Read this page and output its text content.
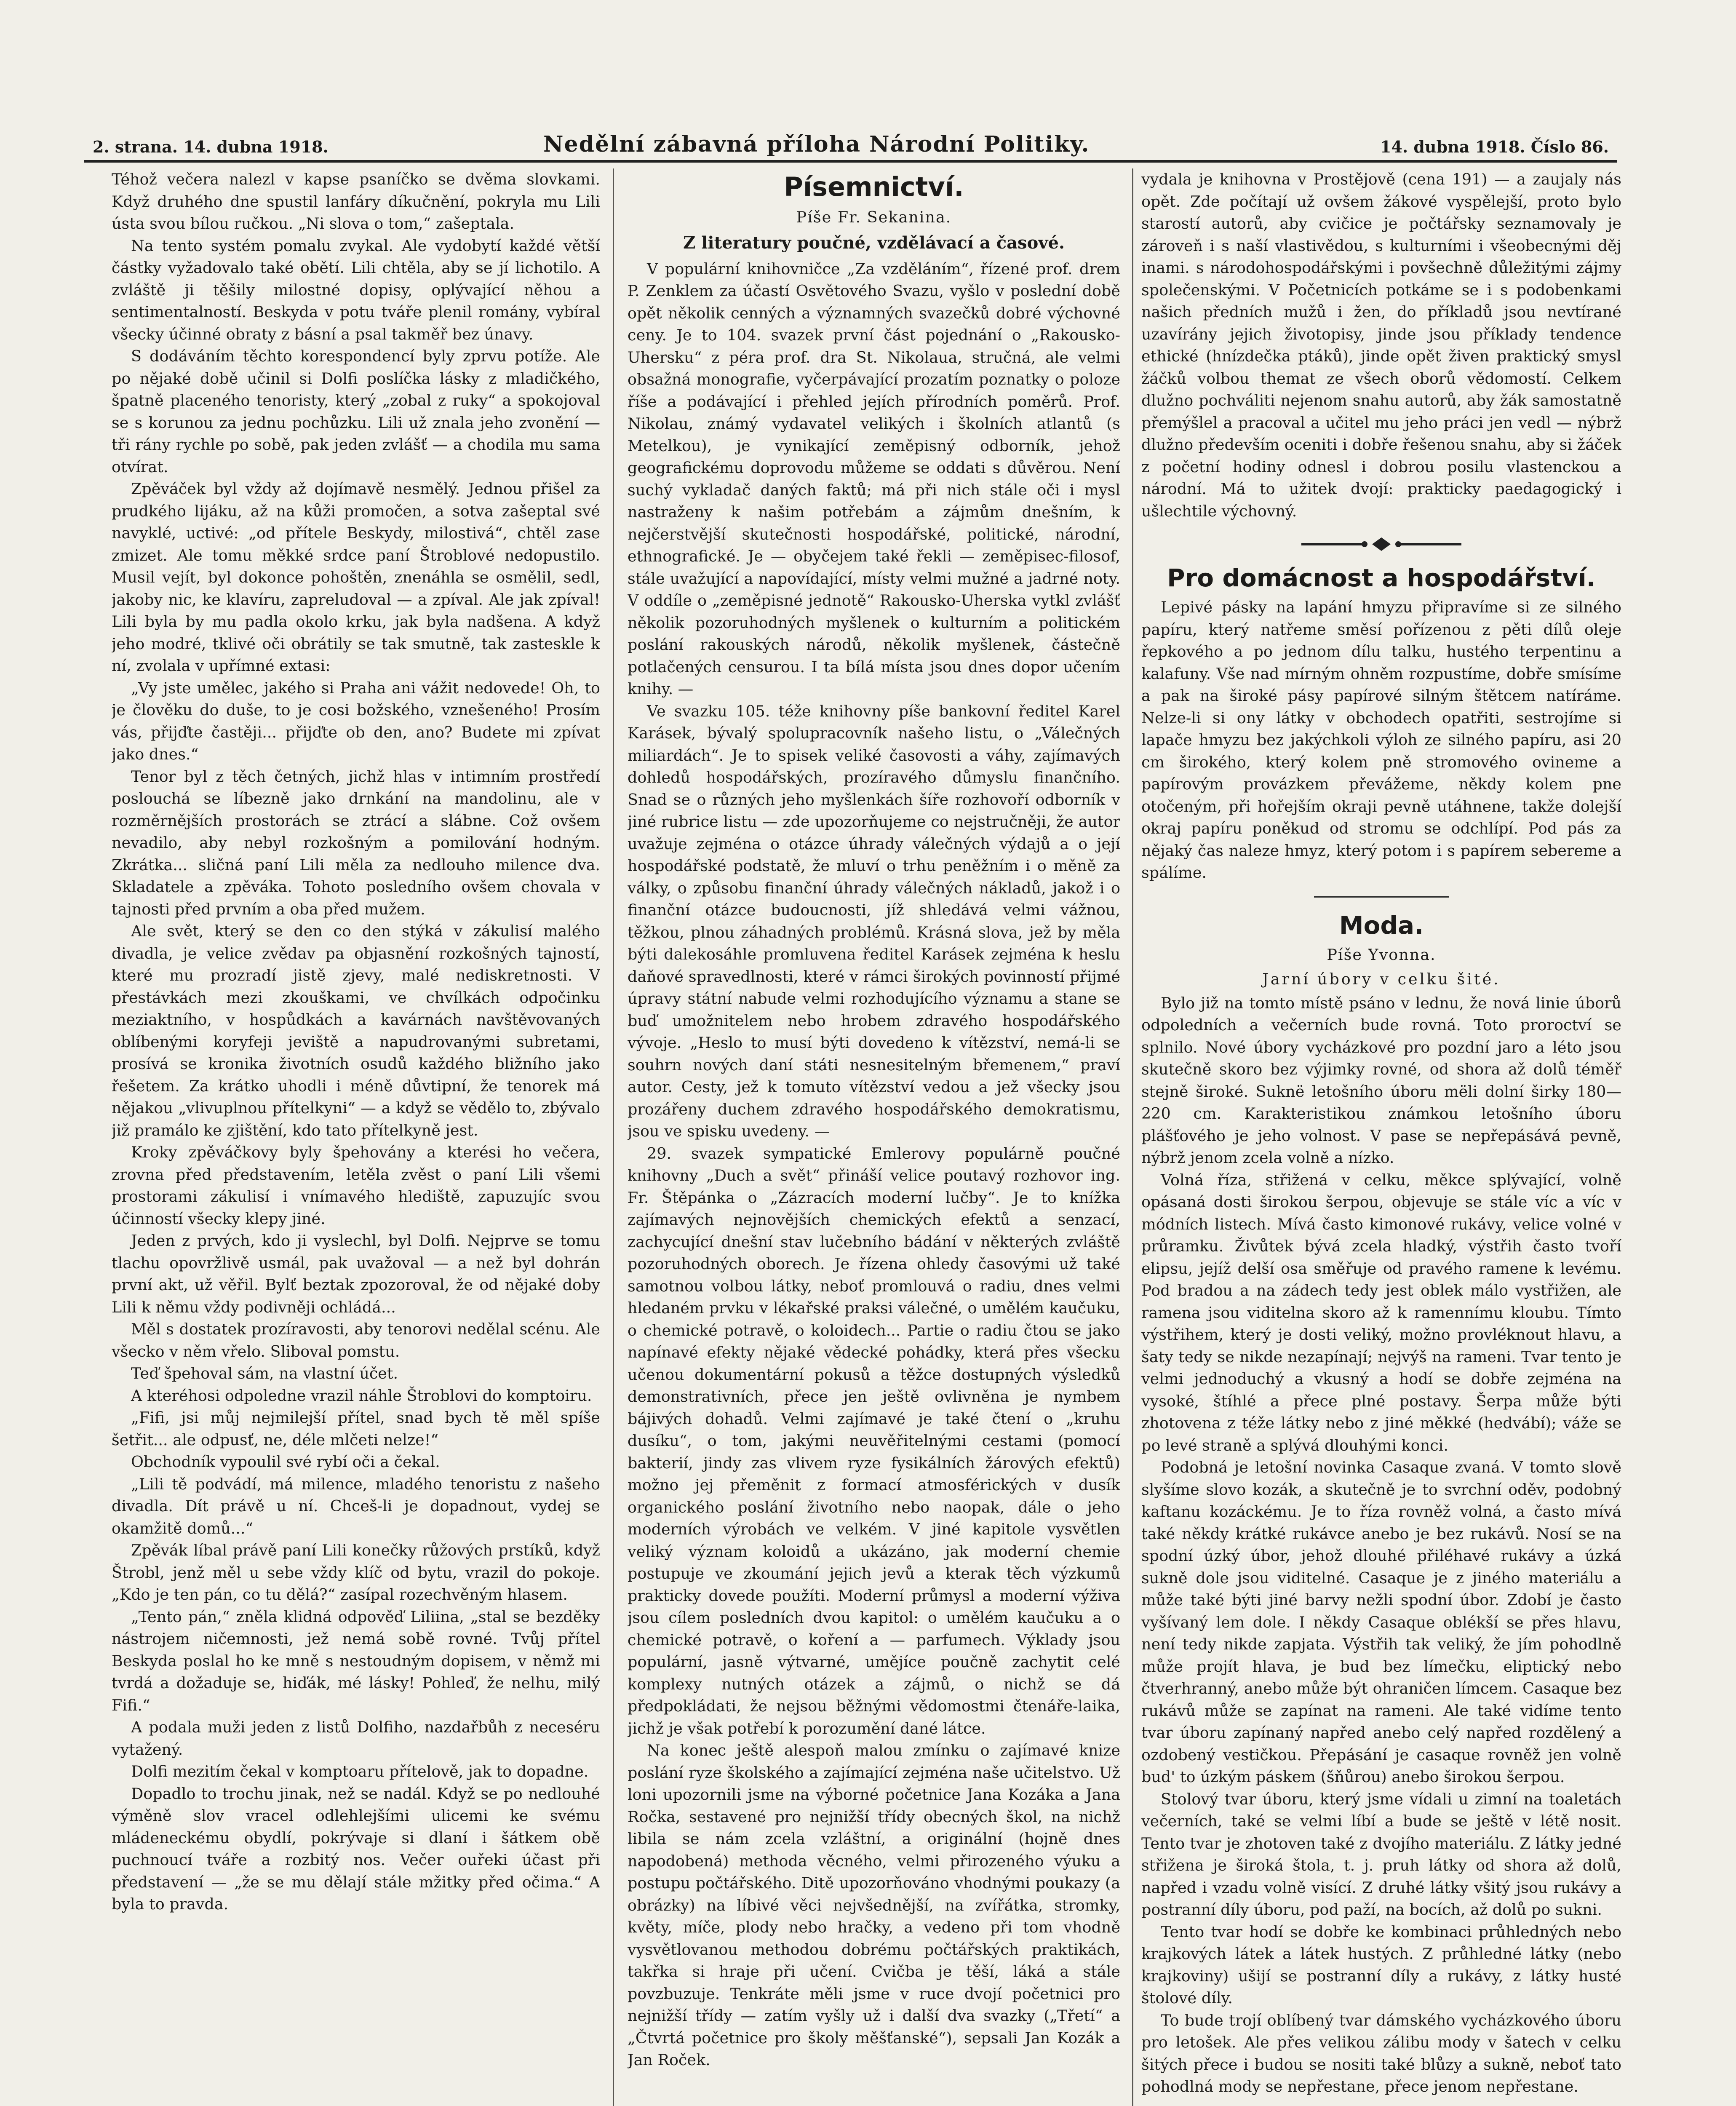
2. strana. 14. dubna 1918.	Nedělní zábavná příloha Národní Politiky.	14. dubna 1918. Číslo 86.

Téhož večera nalezl v kapse psaníčko se dvěma slovkami. Když druhého dne spustil lanfáry díkučnění, pokryla mu Lili ústa svou bílou ručkou. „Ni slova o tom,“ zašeptala.

Na tento systém pomalu zvykal. Ale vydobytí každé větší částky vyžadovalo také obětí. Lili chtěla, aby se jí lichotilo. A zvláště ji těšily milostné dopisy, oplývající něhou a sentimentalností. Beskyda v potu tváře plenil romány, vybíral všecky účinné obraty z básní a psal takměř bez únavy.

S dodáváním těchto korespondencí byly zprvu potíže. Ale po nějaké době učinil si Dolfi poslíčka lásky z mladičkého, špatně placeného tenoristy, který „zobal z ruky“ a spokojoval se s korunou za jednu pochůzku. Lili už znala jeho zvonění — tři rány rychle po sobě, pak jeden zvlášť — a chodila mu sama otvírat.

Zpěváček byl vždy až dojímavě nesmělý. Jednou přišel za prudkého lijáku, až na kůži promočen, a sotva zašeptal své navyklé, uctivé: „od přítele Beskydy, milostivá“, chtěl zase zmizet. Ale tomu měkké srdce paní Štroblové nedopustilo. Musil vejít, byl dokonce pohoštěn, znenáhla se osmělil, sedl, jakoby nic, ke klavíru, zapreludoval — a zpíval. Ale jak zpíval! Lili byla by mu padla okolo krku, jak byla nadšena. A když jeho modré, tklivé oči obrátily se tak smutně, tak zasteskle k ní, zvolala v upřímné extasi:

„Vy jste umělec, jakého si Praha ani vážit nedovede! Oh, to je člověku do duše, to je cosi božského, vznešeného! Prosím vás, přijďte častěji... přijďte ob den, ano? Budete mi zpívat jako dnes.“

Tenor byl z těch četných, jichž hlas v intimním prostředí poslouchá se líbezně jako drnkání na mandolinu, ale v rozměrnějších prostorách se ztrácí a slábne. Což ovšem nevadilo, aby nebyl rozkošným a pomilování hodným. Zkrátka... sličná paní Lili měla za nedlouho milence dva. Skladatele a zpěváka. Tohoto posledního ovšem chovala v tajnosti před prvním a oba před mužem.

Ale svět, který se den co den stýká v zákulisí malého divadla, je velice zvědav pa objasnění rozkošných tajností, které mu prozradí jistě zjevy, malé nediskretnosti. V přestávkách mezi zkouškami, ve chvílkách odpočinku meziaktního, v hospůdkách a kavárnách navštěvovaných oblíbenými koryfeji jeviště a napudrovanými subretami, prosívá se kronika životních osudů každého bližního jako řešetem. Za krátko uhodli i méně důvtipní, že tenorek má nějakou „vlivuplnou přítelkyni“ — a když se vědělo to, zbývalo již pramálo ke zjištění, kdo tato přítelkyně jest.

Kroky zpěváčkovy byly špehovány a kterési ho večera, zrovna před představením, letěla zvěst o paní Lili všemi prostorami zákulisí i vnímavého hlediště, zapuzujíc svou účinností všecky klepy jiné.

Jeden z prvých, kdo ji vyslechl, byl Dolfi. Nejprve se tomu tlachu opovržlivě usmál, pak uvažoval — a než byl dohrán první akt, už věřil. Bylť beztak zpozoroval, že od nějaké doby Lili k němu vždy podivněji ochládá...

Měl s dostatek prozíravosti, aby tenorovi nedělal scénu. Ale všecko v něm vřelo. Sliboval pomstu.

Teď špehoval sám, na vlastní účet.

A kteréhosi odpoledne vrazil náhle Štroblovi do komptoiru.

„Fifi, jsi můj nejmilejší přítel, snad bych tě měl spíše šetřit... ale odpusť, ne, déle mlčeti nelze!“

Obchodník vypoulil své rybí oči a čekal.

„Lili tě podvádí, má milence, mladého tenoristu z našeho divadla. Dít právě u ní. Chceš-li je dopadnout, vydej se okamžitě domů...“

Zpěvák líbal právě paní Lili konečky růžových prstíků, když Štrobl, jenž měl u sebe vždy klíč od bytu, vrazil do pokoje. „Kdo je ten pán, co tu dělá?“ zasípal rozechvěným hlasem.

„Tento pán,“ zněla klidná odpověď Liliina, „stal se bezděky nástrojem ničemnosti, jež nemá sobě rovné. Tvůj přítel Beskyda poslal ho ke mně s nestoudným dopisem, v němž mi tvrdá a dožaduje se, hiďák, mé lásky! Pohleď, že nelhu, milý Fifi.“

A podala muži jeden z listů Dolfiho, nazdařbůh z neceséru vytažený.

Dolfi mezitím čekal v komptoaru přítelově, jak to dopadne.

Dopadlo to trochu jinak, než se nadál. Když se po nedlouhé výměně slov vracel odlehlejšími ulicemi ke svému mládeneckému obydlí, pokrývaje si dlaní i šátkem obě puchnoucí tváře a rozbitý nos. Večer ouřeki účast při představení — „že se mu dělají stále mžitky před očima.“ A byla to pravda.

Písemnictví.
Píše Fr. Sekanina.
Z literatury poučné, vzdělávací a časové.

V populární knihovničce „Za vzděláním“, řízené prof. drem P. Zenklem za účastí Osvětového Svazu, vyšlo v poslední době opět několik cenných a významných svazečků dobré výchovné ceny. Je to 104. svazek první část pojednání o „Rakousko-Uhersku“ z péra prof. dra St. Nikolaua, stručná, ale velmi obsažná monografie, vyčerpávající prozatím poznatky o poloze říše a podávající i přehled jejích přírodních poměrů. Prof. Nikolau, známý vydavatel velikých i školních atlantů (s Metelkou), je vynikající zeměpisný odborník, jehož geografickému doprovodu můžeme se oddati s důvěrou. Není suchý vykladač daných faktů; má při nich stále oči i mysl nastraženy k našim potřebám a zájmům dnešním, k nejčerstvější skutečnosti hospodářské, politické, národní, ethnografické. Je — obyčejem také řekli — zeměpisec-filosof, stále uvažující a napovídající, místy velmi mužné a jadrné noty. V oddíle o „zeměpisné jednotě“ Rakousko-Uherska vytkl zvlášť několik pozoruhodných myšlenek o kulturním a politickém poslání rakouských národů, několik myšlenek, částečně potlačených censurou. I ta bílá místa jsou dnes dopor učením knihy. —

Ve svazku 105. téže knihovny píše bankovní ředitel Karel Karásek, bývalý spolupracovník našeho listu, o „Válečných miliardách“. Je to spisek veliké časovosti a váhy, zajímavých dohledů hospodářských, prozíravého důmyslu finančního. Snad se o různých jeho myšlenkách šíře rozhovoří odborník v jiné rubrice listu — zde upozorňujeme co nejstručněji, že autor uvažuje zejména o otázce úhrady válečných výdajů a o její hospodářské podstatě, že mluví o trhu peněžním i o měně za války, o způsobu finanční úhrady válečných nákladů, jakož i o finanční otázce budoucnosti, jíž shledává velmi vážnou, těžkou, plnou záhadných problémů. Krásná slova, jež by měla býti dalekosáhle promluvena ředitel Karásek zejména k heslu daňové spravedlnosti, které v rámci širokých povinností přijmé úpravy státní nabude velmi rozhodujícího významu a stane se buď umožnitelem nebo hrobem zdravého hospodářského vývoje. „Heslo to musí býti dovedeno k vítězství, nemá-li se souhrn nových daní státi nesnesitelným břemenem,“ praví autor. Cesty, jež k tomuto vítězství vedou a jež všecky jsou prozářeny duchem zdravého hospodářského demokratismu, jsou ve spisku uvedeny. —

29. svazek sympatické Emlerovy populárně poučné knihovny „Duch a svět“ přináší velice poutavý rozhovor ing. Fr. Štěpánka o „Zázracích moderní lučby“. Je to knížka zajímavých nejnovějších chemických efektů a senzací, zachycující dnešní stav lučebního bádání v některých zvláště pozoruhodných oborech. Je řízena ohledy časovými už také samotnou volbou látky, neboť promlouvá o radiu, dnes velmi hledaném prvku v lékařské praksi válečné, o umělém kaučuku, o chemické potravě, o koloidech... Partie o radiu čtou se jako napínavé efekty nějaké vědecké pohádky, která přes všecku učenou dokumentární pokusů a těžce dostupných výsledků demonstrativních, přece jen ještě ovlivněna je nymbem bájivých dohadů. Velmi zajímavé je také čtení o „kruhu dusíku“, o tom, jakými neuvěřitelnými cestami (pomocí bakterií, jindy zas vlivem ryze fysikálních žárových efektů) možno jej přeměnit z formací atmosférických v dusík organického poslání životního nebo naopak, dále o jeho moderních výrobách ve velkém. V jiné kapitole vysvětlen veliký význam koloidů a ukázáno, jak moderní chemie postupuje ve zkoumání jejich jevů a kterak těch výzkumů prakticky dovede použíti. Moderní průmysl a moderní výživa jsou cílem posledních dvou kapitol: o umělém kaučuku a o chemické potravě, o koření a — parfumech. Výklady jsou populární, jasně výtvarné, umějíce poučně zachytit celé komplexy nutných otázek a zájmů, o nichž se dá předpokládati, že nejsou běžnými vědomostmi čtenáře-laika, jichž je však potřebí k porozumění dané látce.

Na konec ještě alespoň malou zmínku o zajímavé knize poslání ryze školského a zajímající zejména naše učitelstvo. Už loni upozornili jsme na výborné početnice Jana Kozáka a Jana Ročka, sestavené pro nejnižší třídy obecných škol, na nichž libila se nám zcela vzláštní, a originální (hojně dnes napodobená) methoda věcného, velmi přirozeného výuku a postupu počtářského. Ditě upozorňováno vhodnými poukazy (a obrázky) na líbivé věci nejvšednější, na zvířátka, stromky, květy, míče, plody nebo hračky, a vedeno při tom vhodně vysvětlovanou methodou dobrému počtářských praktikách, takřka si hraje při učení. Cvičba je těší, láká a stále povzbuzuje. Tenkráte měli jsme v ruce dvojí početnici pro nejnižší třídy — zatím vyšly už i další dva svazky („Třetí“ a „Čtvrtá početnice pro školy měšťanské“), sepsali Jan Kozák a Jan Roček.

vydala je knihovna v Prostějově (cena 191) — a zaujaly nás opět. Zde počítají už ovšem žákové vyspělejší, proto bylo starostí autorů, aby cvičice je počtářsky seznamovaly je zároveň i s naší vlastivědou, s kulturními i všeobecnými děj inami. s národohospodářskými i povšechně důležitými zájmy společenskými. V Početnicích potkáme se i s podobenkami našich předních mužů i žen, do příkladů jsou nevtírané uzavírány jejich životopisy, jinde jsou příklady tendence ethické (hnízdečka ptáků), jinde opět živen praktický smysl žáčků volbou themat ze všech oborů vědomostí. Celkem dlužno pochváliti nejenom snahu autorů, aby žák samostatně přemýšlel a pracoval a učitel mu jeho práci jen vedl — nýbrž dlužno především oceniti i dobře řešenou snahu, aby si žáček z početní hodiny odnesl i dobrou posilu vlastenckou a národní. Má to užitek dvojí: prakticky paedagogický i ušlechtile výchovný.

Pro domácnost a hospodářství.

Lepivé pásky na lapání hmyzu připravíme si ze silného papíru, který natřeme směsí pořízenou z pěti dílů oleje řepkového a po jednom dílu talku, hustého terpentinu a kalafuny. Vše nad mírným ohněm rozpustíme, dobře smísíme a pak na široké pásy papírové silným štětcem natíráme. Nelze-li si ony látky v obchodech opatřiti, sestrojíme si lapače hmyzu bez jakýchkoli výloh ze silného papíru, asi 20 cm širokého, který kolem pně stromového ovineme a papírovým provázkem převážeme, někdy kolem pne otočeným, při hořejším okraji pevně utáhnene, takže dolejší okraj papíru poněkud od stromu se odchlípí. Pod pás za nějaký čas naleze hmyz, který potom i s papírem sebereme a spálíme.

Moda.
Píše Yvonna.
Jarní úbory v celku šité.

Bylo již na tomto místě psáno v lednu, že nová linie úborů odpoledních a večerních bude rovná. Toto proroctví se splnilo. Nové úbory vycházkové pro pozdní jaro a léto jsou skutečně skoro bez výjimky rovné, od shora až dolů téměř stejně široké. Suknë letošního úboru mëli dolní širky 180—220 cm. Karakteristikou známkou letošního úboru plášťového je jeho volnost. V pase se nepřepásává pevně, nýbrž jenom zcela volně a nízko.

Volná říza, střižená v celku, měkce splývající, volně opásaná dosti širokou šerpou, objevuje se stále víc a víc v módních listech. Mívá často kimonové rukávy, velice volné v průramku. Živůtek bývá zcela hladký, výstřih často tvoří elipsu, jejíž delší osa směřuje od pravého ramene k levému. Pod bradou a na zádech tedy jest oblek málo vystřižen, ale ramena jsou viditelna skoro až k ramennímu kloubu. Tímto výstřihem, který je dosti veliký, možno provléknout hlavu, a šaty tedy se nikde nezapínají; nejvýš na rameni. Tvar tento je velmi jednoduchý a vkusný a hodí se dobře zejména na vysoké, štíhlé a přece plné postavy. Šerpa může býti zhotovena z téže látky nebo z jiné měkké (hedvábí); váže se po levé straně a splývá dlouhými konci.

Podobná je letošní novinka Casaque zvaná. V tomto slově slyšíme slovo kozák, a skutečně je to svrchní oděv, podobný kaftanu kozáckému. Je to říza rovněž volná, a často mívá také někdy krátké rukávce anebo je bez rukávů. Nosí se na spodní úzký úbor, jehož dlouhé přiléhavé rukávy a úzká sukně dole jsou viditelné. Casaque je z jiného materiálu a může také býti jiné barvy nežli spodní úbor. Zdobí je často vyšívaný lem dole. I někdy Casaque oblékší se přes hlavu, není tedy nikde zapjata. Výstřih tak veliký, že jím pohodlně může projít hlava, je bud bez límečku, eliptický nebo čtverhranný, anebo může být ohraničen límcem. Casaque bez rukávů může se zapínat na rameni. Ale také vidíme tento tvar úboru zapínaný napřed anebo celý napřed rozdělený a ozdobený vestičkou. Přepásání je casaque rovněž jen volně bud' to úzkým páskem (šňůrou) anebo širokou šerpou.

Stolový tvar úboru, který jsme vídali u zimní na toaletách večerních, také se velmi líbí a bude se ještě v létě nosit. Tento tvar je zhotoven také z dvojího materiálu. Z látky jedné střižena je široká štola, t. j. pruh látky od shora až dolů, napřed i vzadu volně visící. Z druhé látky všitý jsou rukávy a postranní díly úboru, pod paží, na bocích, až dolů po sukni.

Tento tvar hodí se dobře ke kombinaci průhledných nebo krajkových látek a látek hustých. Z průhledné látky (nebo krajkoviny) ušijí se postranní díly a rukávy, z látky husté štolové díly.

To bude trojí oblíbený tvar dámského vycházkového úboru pro letošek. Ale přes velikou zálibu mody v šatech v celku šitých přece i budou se nositi také blůzy a sukně, neboť tato pohodlná mody se nepřestane, přece jenom nepřestane.
